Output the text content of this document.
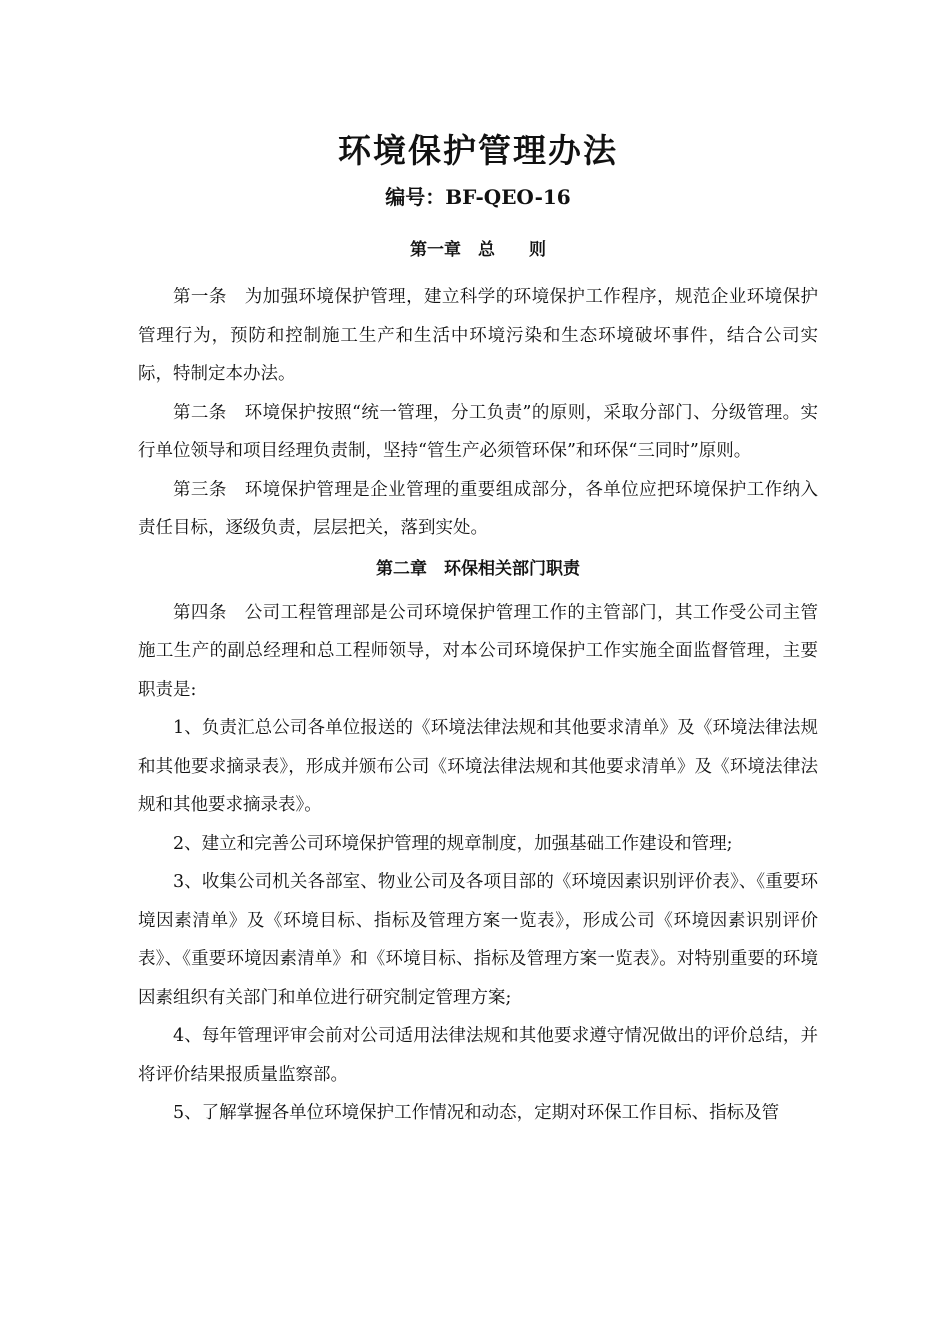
环境保护管理办法
编号：BF-QEO-16
第一章　总　　则

第一条　为加强环境保护管理，建立科学的环境保护工作程序，规范企业环境保护管理行为，预防和控制施工生产和生活中环境污染和生态环境破坏事件，结合公司实际，特制定本办法。

第二条　环境保护按照“统一管理，分工负责”的原则，采取分部门、分级管理。实行单位领导和项目经理负责制，坚持“管生产必须管环保”和环保“三同时”原则。

第三条　环境保护管理是企业管理的重要组成部分，各单位应把环境保护工作纳入责任目标，逐级负责，层层把关，落到实处。

第二章　环保相关部门职责

第四条　公司工程管理部是公司环境保护管理工作的主管部门，其工作受公司主管施工生产的副总经理和总工程师领导，对本公司环境保护工作实施全面监督管理，主要职责是:

1、负责汇总公司各单位报送的《环境法律法规和其他要求清单》及《环境法律法规和其他要求摘录表》，形成并颁布公司《环境法律法规和其他要求清单》及《环境法律法规和其他要求摘录表》。

2、建立和完善公司环境保护管理的规章制度，加强基础工作建设和管理;

3、收集公司机关各部室、物业公司及各项目部的《环境因素识别评价表》、《重要环境因素清单》及《环境目标、指标及管理方案一览表》，形成公司《环境因素识别评价表》、《重要环境因素清单》和《环境目标、指标及管理方案一览表》。对特别重要的环境因素组织有关部门和单位进行研究制定管理方案;

4、每年管理评审会前对公司适用法律法规和其他要求遵守情况做出的评价总结，并将评价结果报质量监察部。

5、了解掌握各单位环境保护工作情况和动态，定期对环保工作目标、指标及管
